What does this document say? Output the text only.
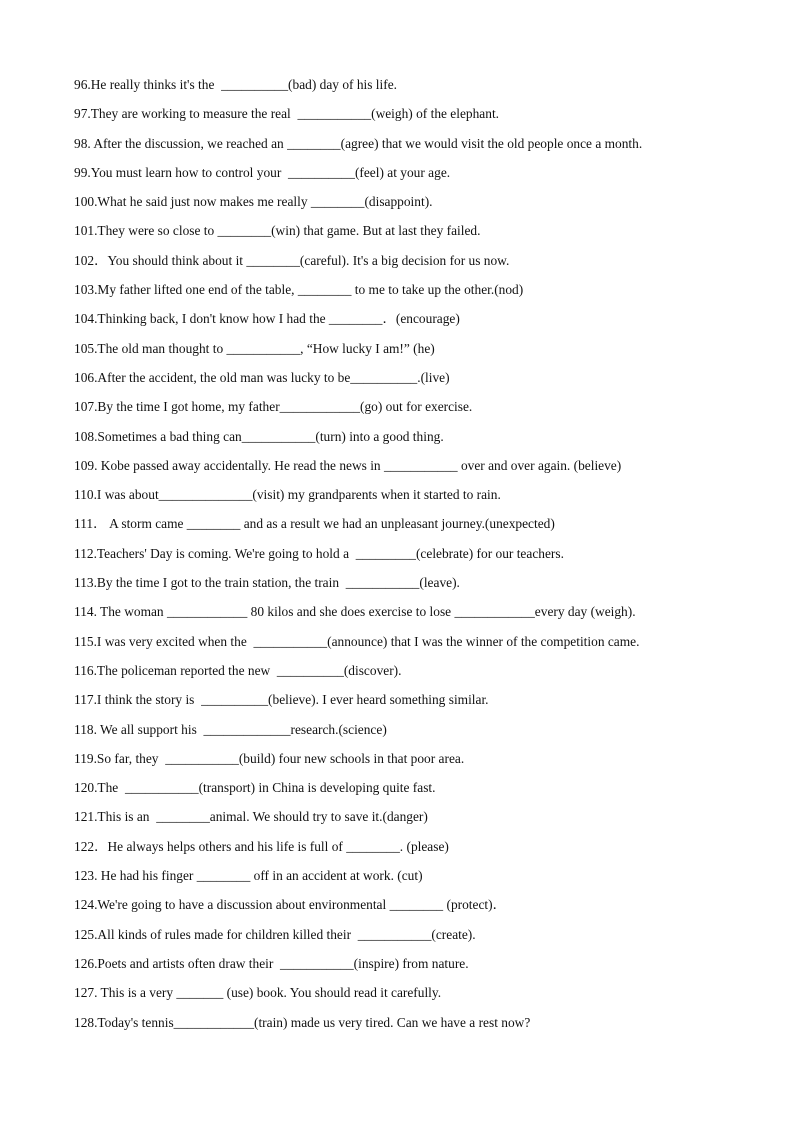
96.He really thinks it's the  __________(bad) day of his life.
97.They are working to measure the real  ___________(weigh) of the elephant.
98. After the discussion, we reached an ________(agree) that we would visit the old people once a month.
99.You must learn how to control your  __________(feel) at your age.
100.What he said just now makes me really ________(disappoint).
101.They were so close to ________(win) that game. But at last they failed.
102．You should think about it ________(careful). It's a big decision for us now.
103.My father lifted one end of the table, ________ to me to take up the other.(nod)
104.Thinking back, I don't know how I had the ________．(encourage)
105.The old man thought to ___________, “How lucky I am!” (he)
106.After the accident, the old man was lucky to be__________.(live)
107.By the time I got home, my father____________(go) out for exercise.
108.Sometimes a bad thing can___________(turn) into a good thing.
109. Kobe passed away accidentally. He read the news in ___________ over and over again. (believe)
110.I was about______________(visit) my grandparents when it started to rain.
111． A storm came ________ and as a result we had an unpleasant journey.(unexpected)
112.Teachers' Day is coming. We're going to hold a  _________(celebrate) for our teachers.
113.By the time I got to the train station, the train  ___________(leave).
114. The woman ____________ 80 kilos and she does exercise to lose ____________every day (weigh).
115.I was very excited when the  ___________(announce) that I was the winner of the competition came.
116.The policeman reported the new  __________(discover).
117.I think the story is  __________(believe). I ever heard something similar.
118. We all support his  _____________research.(science)
119.So far, they  ___________(build) four new schools in that poor area.
120.The  ___________(transport) in China is developing quite fast.
121.This is an  ________animal. We should try to save it.(danger)
122．He always helps others and his life is full of ________. (please)
123. He had his finger ________ off in an accident at work. (cut)
124.We're going to have a discussion about environmental ________ (protect)．
125.All kinds of rules made for children killed their  ___________(create).
126.Poets and artists often draw their  ___________(inspire) from nature.
127. This is a very _______ (use) book. You should read it carefully.
128.Today's tennis____________(train) made us very tired. Can we have a rest now?
